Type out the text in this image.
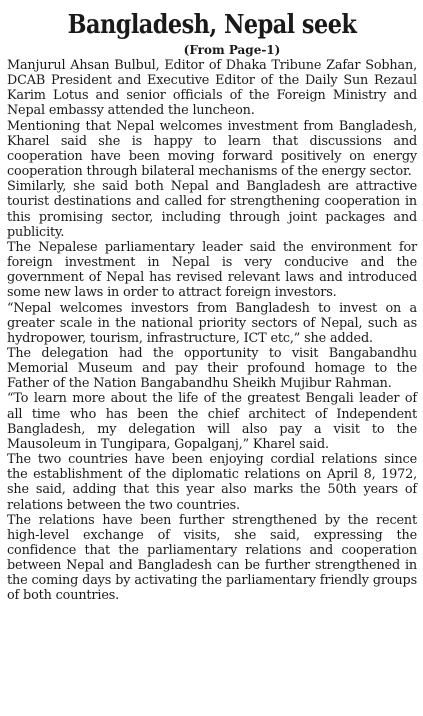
Bangladesh, Nepal seek
(From Page-1)

Manjurul Ahsan Bulbul, Editor of Dhaka Tribune Zafar Sobhan, DCAB President and Executive Editor of the Daily Sun Rezaul Karim Lotus and senior officials of the Foreign Ministry and Nepal embassy attended the luncheon.

Mentioning that Nepal welcomes investment from Bangladesh, Kharel said she is happy to learn that discussions and cooperation have been moving forward positively on energy cooperation through bilateral mechanisms of the energy sector.

Similarly, she said both Nepal and Bangladesh are attractive tourist destinations and called for strengthening cooperation in this promising sector, including through joint packages and publicity.

The Nepalese parliamentary leader said the environment for foreign investment in Nepal is very conducive and the government of Nepal has revised relevant laws and introduced some new laws in order to attract foreign investors.

“Nepal welcomes investors from Bangladesh to invest on a greater scale in the national priority sectors of Nepal, such as hydropower, tourism, infrastructure, ICT etc,” she added.

The delegation had the opportunity to visit Bangabandhu Memorial Museum and pay their profound homage to the Father of the Nation Bangabandhu Sheikh Mujibur Rahman.

“To learn more about the life of the greatest Bengali leader of all time who has been the chief architect of Independent Bangladesh, my delegation will also pay a visit to the Mausoleum in Tungipara, Gopalganj,” Kharel said.

The two countries have been enjoying cordial relations since the establishment of the diplomatic relations on April 8, 1972, she said, adding that this year also marks the 50th years of relations between the two countries.

The relations have been further strengthened by the recent high-level exchange of visits, she said, expressing the confidence that the parliamentary relations and cooperation between Nepal and Bangladesh can be further strengthened in the coming days by activating the parliamentary friendly groups of both countries.
